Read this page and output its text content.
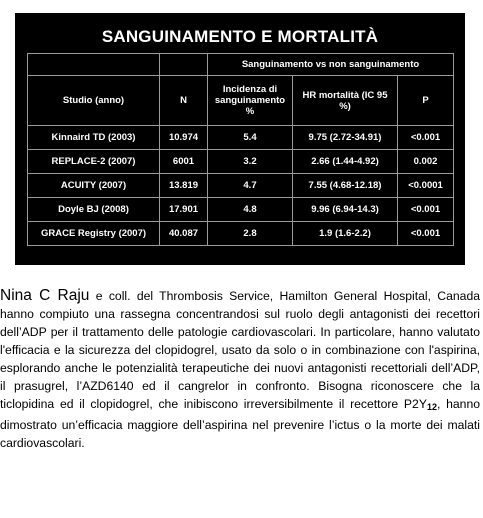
SANGUINAMENTO E MORTALITÀ
		Sanguinamento vs non sanguinamento		
Studio (anno)	N	Incidenza di sanguinamento %	HR mortalità (IC 95 %)	P
Kinnaird TD (2003)	10.974	5.4	9.75 (2.72-34.91)	<0.001
REPLACE-2 (2007)	6001	3.2	2.66 (1.44-4.92)	0.002
ACUITY (2007)	13.819	4.7	7.55 (4.68-12.18)	<0.0001
Doyle BJ (2008)	17.901	4.8	9.96 (6.94-14.3)	<0.001
GRACE Registry (2007)	40.087	2.8	1.9 (1.6-2.2)	<0.001

Nina C Raju e coll. del Thrombosis Service, Hamilton General Hospital, Canada hanno compiuto una rassegna concentrandosi sul ruolo degli antagonisti dei recettori dell’ADP per il trattamento delle patologie cardiovascolari. In particolare, hanno valutato l'efficacia e la sicurezza del clopidogrel, usato da solo o in combinazione con l'aspirina, esplorando anche le potenzialità terapeutiche dei nuovi antagonisti recettoriali dell’ADP, il prasugrel, l’AZD6140 ed il cangrelor in confronto. Bisogna riconoscere che la ticlopidina ed il clopidogrel, che inibiscono irreversibilmente il recettore P2Y12, hanno dimostrato un’efficacia maggiore dell’aspirina nel prevenire l’ictus o la morte dei malati cardiovascolari.
